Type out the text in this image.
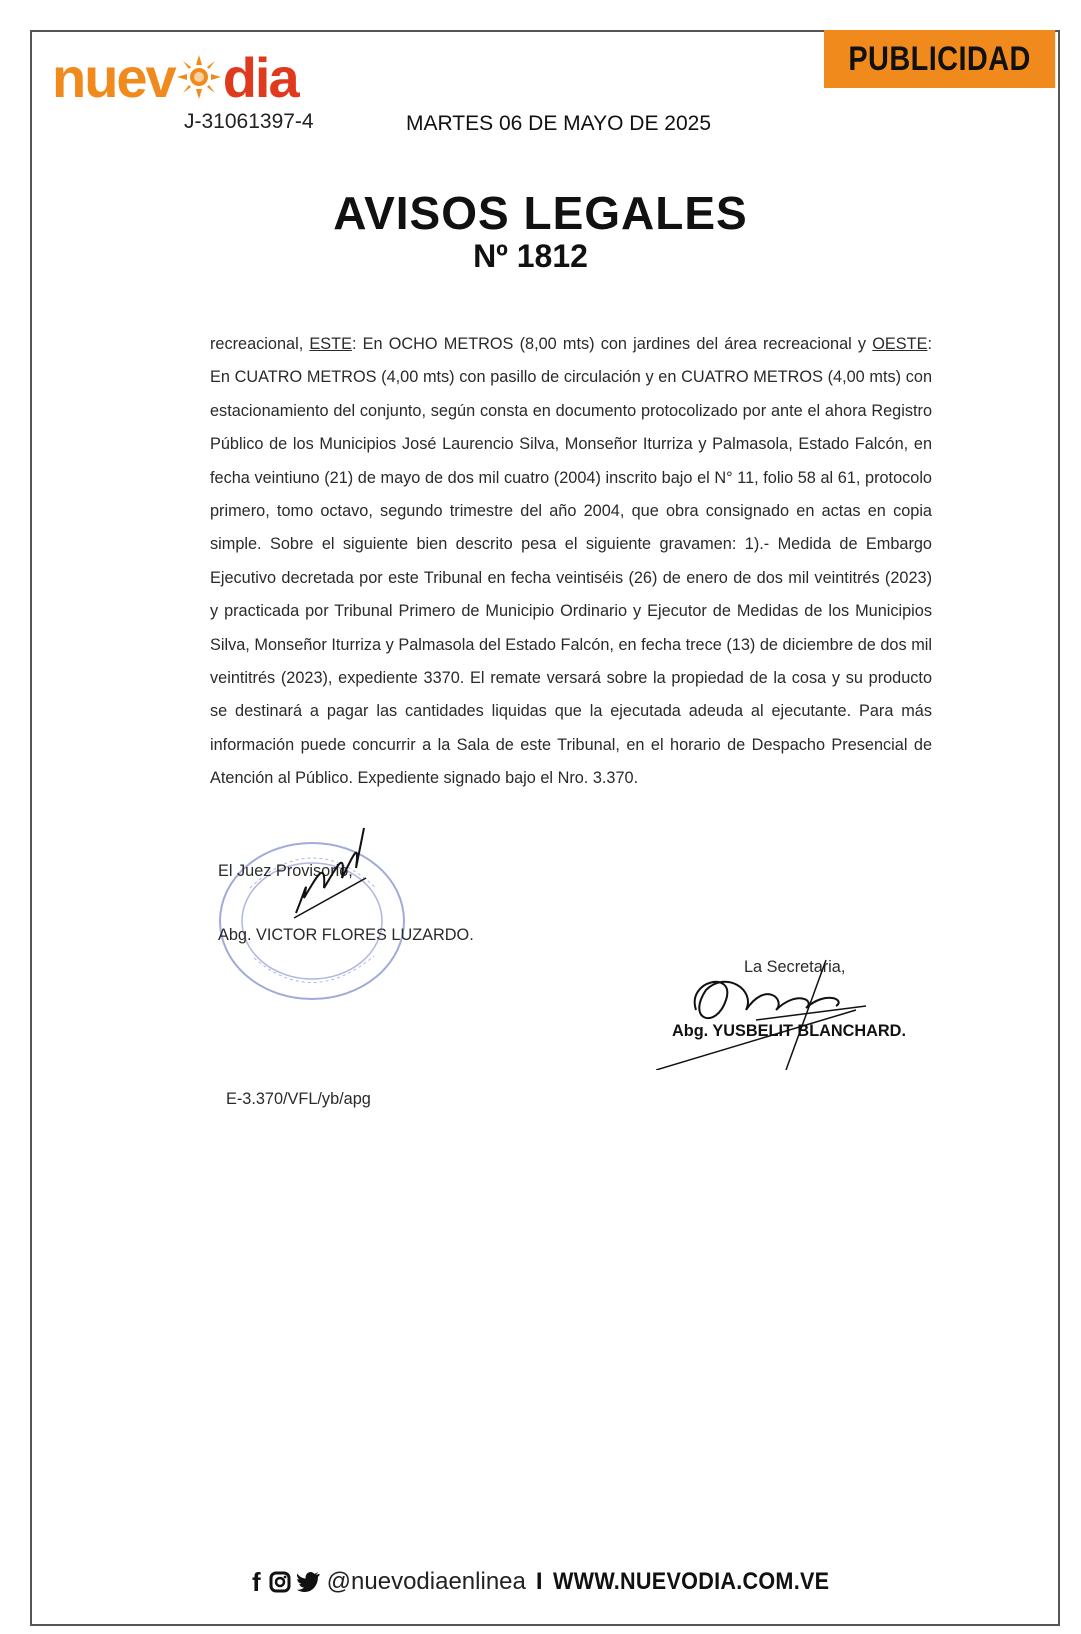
PUBLICIDAD
nuev dia
J-31061397-4	MARTES 06 DE MAYO DE 2025
AVISOS LEGALES
Nº 1812
recreacional, ESTE: En OCHO METROS (8,00 mts) con jardines del área recreacional y OESTE: En CUATRO METROS (4,00 mts) con pasillo de circulación y en CUATRO METROS (4,00 mts) con estacionamiento del conjunto, según consta en documento protocolizado por ante el ahora Registro Público de los Municipios José Laurencio Silva, Monseñor Iturriza y Palmasola, Estado Falcón, en fecha veintiuno (21) de mayo de dos mil cuatro (2004) inscrito bajo el N° 11, folio 58 al 61, protocolo primero, tomo octavo, segundo trimestre del año 2004, que obra consignado en actas en copia simple. Sobre el siguiente bien descrito pesa el siguiente gravamen: 1).- Medida de Embargo Ejecutivo decretada por este Tribunal en fecha veintiséis (26) de enero de dos mil veintitrés (2023) y practicada por Tribunal Primero de Municipio Ordinario y Ejecutor de Medidas de los Municipios Silva, Monseñor Iturriza y Palmasola del Estado Falcón, en fecha trece (13) de diciembre de dos mil veintitrés (2023), expediente 3370. El remate versará sobre la propiedad de la cosa y su producto se destinará a pagar las cantidades liquidas que la ejecutada adeuda al ejecutante. Para más información puede concurrir a la Sala de este Tribunal, en el horario de Despacho Presencial de Atención al Público. Expediente signado bajo el Nro. 3.370.
El Juez Provisorio,
Abg. VICTOR FLORES LUZARDO.
La Secretaria,
Abg. YUSBELIT BLANCHARD.
E-3.370/VFL/yb/apg
f	@nuevodiaenlinea I WWW.NUEVODIA.COM.VE
